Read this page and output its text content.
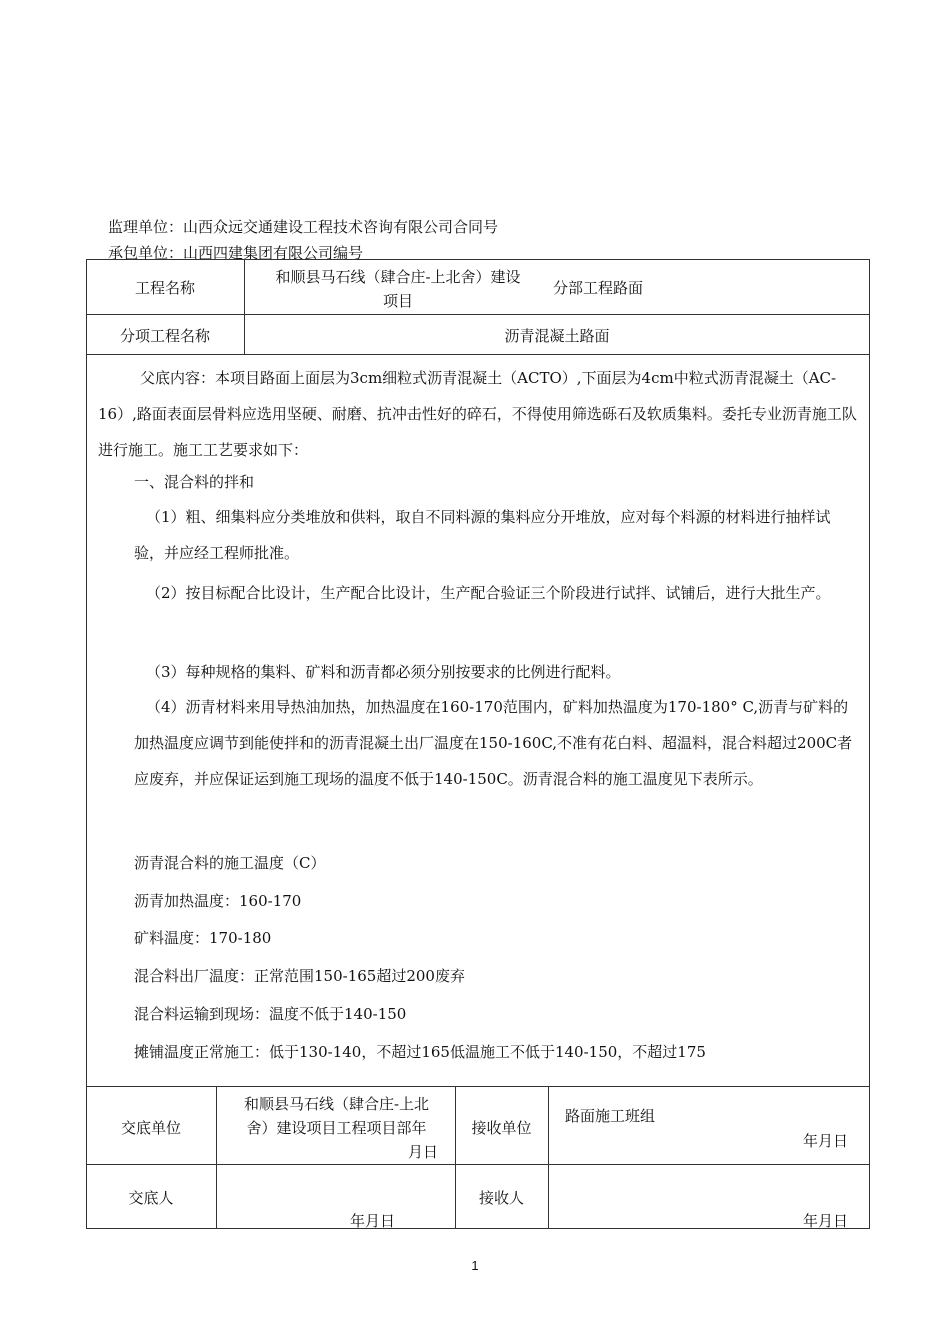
监理单位：山西众远交通建设工程技术咨询有限公司合同号
承包单位：山西四建集团有限公司编号
工程名称
和顺县马石线（肆合庄-上北舍）建设
项目
分部工程路面
分项工程名称	沥青混凝土路面
父底内容：本项目路面上面层为3cm细粒式沥青混凝土（ACTO）,下面层为4cm中粒式沥青混凝土（AC-16）,路面表面层骨料应选用坚硬、耐磨、抗冲击性好的碎石，不得使用筛选砾石及软质集料。委托专业沥青施工队进行施工。施工工艺要求如下：
一、混合料的拌和
（1）粗、细集料应分类堆放和供料，取自不同料源的集料应分开堆放，应对每个料源的材料进行抽样试验，并应经工程师批准。
（2）按目标配合比设计，生产配合比设计，生产配合验证三个阶段进行试拌、试铺后，进行大批生产。
（3）每种规格的集料、矿料和沥青都必须分别按要求的比例进行配料。
（4）沥青材料来用导热油加热，加热温度在160-170范围内，矿料加热温度为170-180° C,沥青与矿料的加热温度应调节到能使拌和的沥青混凝土出厂温度在150-160C,不准有花白料、超温料，混合料超过200C者应废弃，并应保证运到施工现场的温度不低于140-150C。沥青混合料的施工温度见下表所示。
沥青混合料的施工温度（C）
沥青加热温度：160-170
矿料温度：170-180
混合料出厂温度：正常范围150-165超过200废弃
混合料运输到现场：温度不低于140-150
摊铺温度正常施工：低于130-140，不超过165低温施工不低于140-150，不超过175
交底单位
和顺县马石线（肆合庄-上北
舍）建设项目工程项目部年
月日
接收单位
路面施工班组
年月日
交底人
年月日
接收人
年月日
1
